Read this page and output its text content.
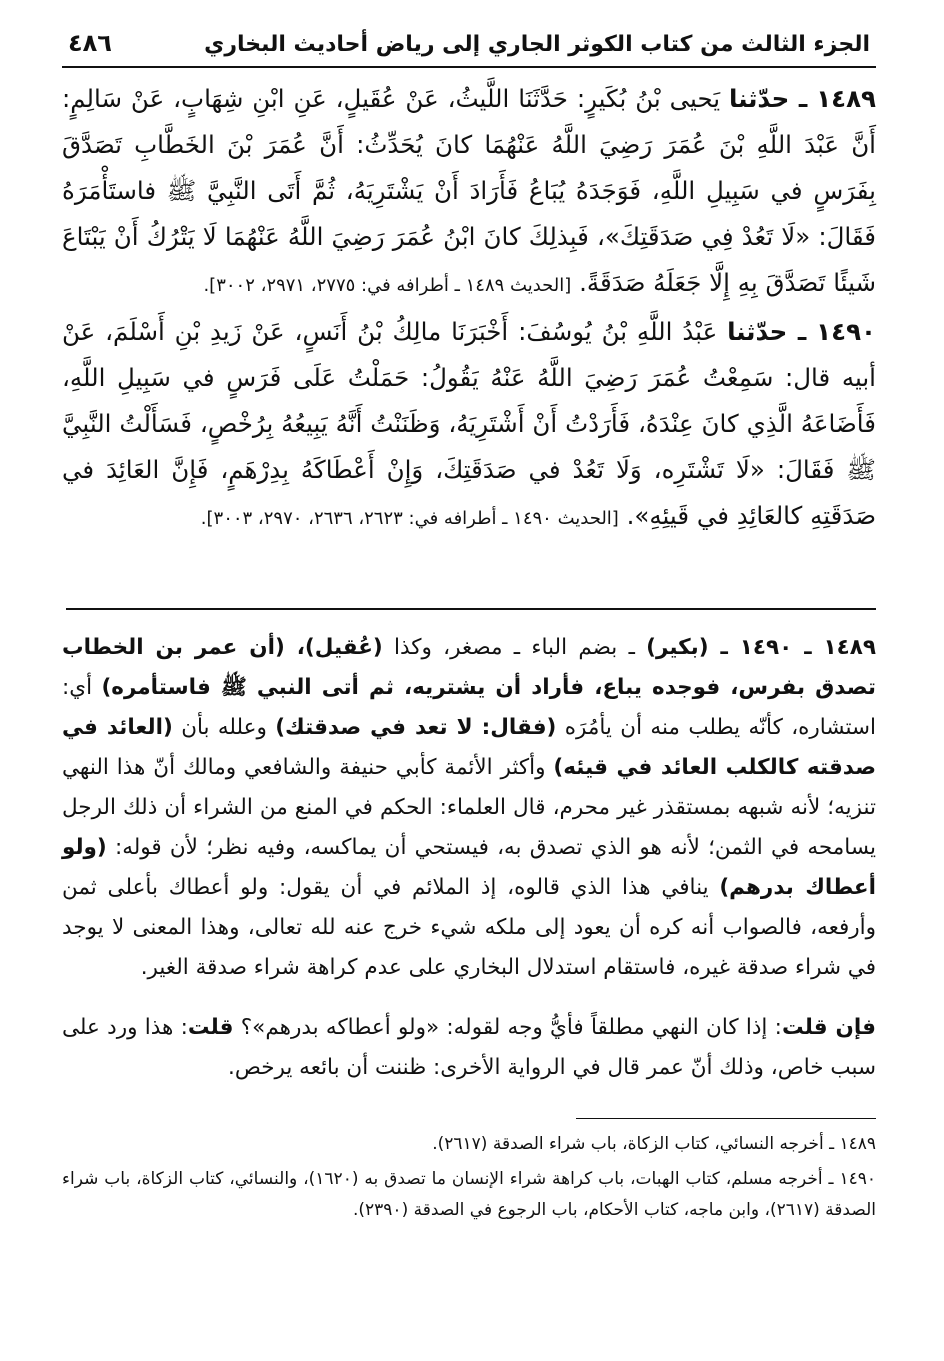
الجزء الثالث من كتاب الكوثر الجاري إلى رياض أحاديث البخاري
٤٨٦

١٤٨٩ ـ حدّثنا يَحيى بْنُ بُكَيرٍ: حَدَّثَنَا اللَّيثُ، عَنْ عُقَيلٍ، عَنِ ابْنِ شِهَابٍ، عَنْ سَالِمٍ: أَنَّ عَبْدَ اللَّهِ بْنَ عُمَرَ رَضِيَ اللَّهُ عَنْهُمَا كانَ يُحَدِّثُ: أَنَّ عُمَرَ بْنَ الخَطَّابِ تَصَدَّقَ بِفَرَسٍ في سَبِيلِ اللَّهِ، فَوَجَدَهُ يُبَاعُ فَأَرَادَ أَنْ يَشْتَرِيَهُ، ثُمَّ أَتَى النَّبِيَّ ﷺ فاستَأْمَرَهُ فَقَالَ: «لَا تَعُدْ فِي صَدَقَتِكَ»، فَبِذلِكَ كانَ ابْنُ عُمَرَ رَضِيَ اللَّهُ عَنْهُمَا لَا يَتْرُكُ أَنْ يَبْتَاعَ شَيئًا تَصَدَّقَ بِهِ إِلَّا جَعَلَهُ صَدَقَةً. [الحديث ١٤٨٩ ـ أطرافه في: ٢٧٧٥، ٢٩٧١، ٣٠٠٢].

١٤٩٠ ـ حدّثنا عَبْدُ اللَّهِ بْنُ يُوسُفَ: أَخْبَرَنَا مالِكُ بْنُ أَنَسٍ، عَنْ زَيدِ بْنِ أَسْلَمَ، عَنْ أبيه قال: سَمِعْتُ عُمَرَ رَضِيَ اللَّهُ عَنْهُ يَقُولُ: حَمَلْتُ عَلَى فَرَسٍ في سَبِيلِ اللَّهِ، فَأَضَاعَهُ الَّذِي كانَ عِنْدَهُ، فَأَرَدْتُ أَنْ أَشْتَرِيَهُ، وَظَنَنْتُ أَنَّهُ يَبِيعُهُ بِرُخْصٍ، فَسَأَلْتُ النَّبِيَّ ﷺ فَقَالَ: «لَا تَشْتَرِه، وَلَا تَعُدْ في صَدَقَتِكَ، وَإِنْ أَعْطَاكَهُ بِدِرْهَمٍ، فَإِنَّ العَائِدَ في صَدَقَتِهِ كالعَائِدِ في قَيئِهِ». [الحديث ١٤٩٠ ـ أطرافه في: ٢٦٢٣، ٢٦٣٦، ٢٩٧٠، ٣٠٠٣].

١٤٨٩ ـ ١٤٩٠ ـ (بكير) ـ بضم الباء ـ مصغر، وكذا (عُقيل)، (أن عمر بن الخطاب تصدق بفرس، فوجده يباع، فأراد أن يشتريه، ثم أتى النبي ﷺ فاستأمره) أي: استشاره، كأنّه يطلب منه أن يأمُرَه (فقال: لا تعد في صدقتك) وعلله بأن (العائد في صدقته كالكلب العائد في قيئه) وأكثر الأئمة كأبي حنيفة والشافعي ومالك أنّ هذا النهي تنزيه؛ لأنه شبهه بمستقذر غير محرم، قال العلماء: الحكم في المنع من الشراء أن ذلك الرجل يسامحه في الثمن؛ لأنه هو الذي تصدق به، فيستحي أن يماكسه، وفيه نظر؛ لأن قوله: (ولو أعطاك بدرهم) ينافي هذا الذي قالوه، إذ الملائم في أن يقول: ولو أعطاك بأعلى ثمن وأرفعه، فالصواب أنه كره أن يعود إلى ملكه شيء خرج عنه لله تعالى، وهذا المعنى لا يوجد في شراء صدقة غيره، فاستقام استدلال البخاري على عدم كراهة شراء صدقة الغير.

فإن قلت: إذا كان النهي مطلقاً فأيُّ وجه لقوله: «ولو أعطاكه بدرهم»؟ قلت: هذا ورد على سبب خاص، وذلك أنّ عمر قال في الرواية الأخرى: ظننت أن بائعه يرخص.

١٤٨٩ ـ أخرجه النسائي، كتاب الزكاة، باب شراء الصدقة (٢٦١٧).

١٤٩٠ ـ أخرجه مسلم، كتاب الهبات، باب كراهة شراء الإنسان ما تصدق به (١٦٢٠)، والنسائي، كتاب الزكاة، باب شراء الصدقة (٢٦١٧)، وابن ماجه، كتاب الأحكام، باب الرجوع في الصدقة (٢٣٩٠).
